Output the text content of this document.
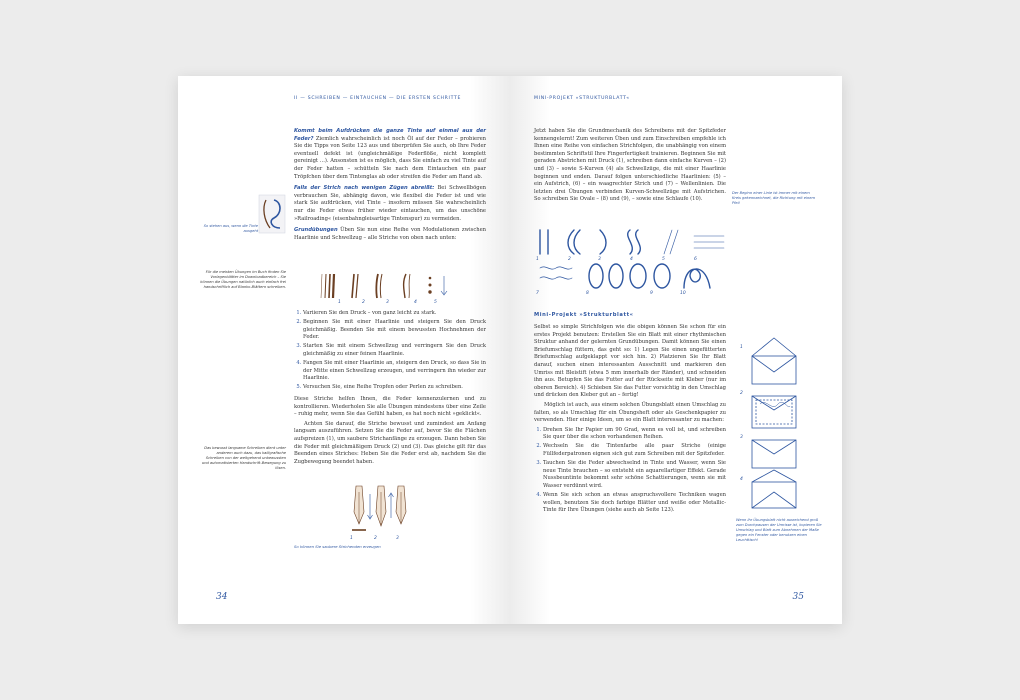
II — SCHREIBEN — EINTAUCHEN — DIE ERSTEN SCHRITTE
So stehen aus, wenn die Tinte ausgeht
Für die meisten Übungen im Buch finden Sie Vorlagenblätter im Downloadbereich – Sie können die Übungen natürlich auch einfach frei handschriftlich auf Blanko-Blättern schreiben.
Das bewusst langsame Schreiben dient unter anderem auch dazu, das kalligrafische Schreiben von der weitgehend unbewussten und automatisierten Handschrift-Bewegung zu lösen.

Kommt beim Aufdrücken die ganze Tinte auf einmal aus der Feder? Ziemlich wahrscheinlich ist noch Öl auf der Feder – probieren Sie die Tipps von Seite 123 aus und überprüfen Sie auch, ob Ihre Feder eventuell defekt ist (ungleichmäßige Federflöße, nicht komplett gereinigt …). Ansonsten ist es möglich, dass Sie einfach zu viel Tinte auf der Feder hatten – schütteln Sie nach dem Eintauchen ein paar Tröpfchen über dem Tintenglas ab oder streifen die Feder am Rand ab.

Falls der Strich nach wenigen Zügen abreißt: Bei Schwellbögen verbrauchen Sie, abhängig davon, wie flexibel die Feder ist und wie stark Sie aufdrücken, viel Tinte – insofern müssen Sie wahrscheinlich nur die Feder etwas früher wieder eintauchen, um das unschöne »Railroading« (eisenbahngleisartige Tintenspur) zu vermeiden.

Grundübungen Üben Sie nun eine Reihe von Modulationen zwischen Haarlinie und Schwellzug – alle Striche von oben nach unten:

1	2	3	4	5
1. Variieren Sie den Druck – von ganz leicht zu stark.
2. Beginnen Sie mit einer Haarlinie und steigern Sie den Druck gleichmäßig. Beenden Sie mit einem bewussten Hochnehmen der Feder.
3. Starten Sie mit einem Schwellzug und verringern Sie den Druck gleichmäßig zu einer feinen Haarlinie.
4. Fangen Sie mit einer Haarlinie an, steigern den Druck, so dass Sie in der Mitte einen Schwellzug erzeugen, und verringern ihn wieder zur Haarlinie.
5. Versuchen Sie, eine Reihe Tropfen oder Perlen zu schreiben.

Diese Striche helfen Ihnen, die Feder kennenzulernen und zu kontrollieren. Wiederholen Sie alle Übungen mindestens über eine Zeile – ruhig mehr, wenn Sie das Gefühl haben, es hat noch nicht »geklickt«.

Achten Sie darauf, die Striche bewusst und zumindest am Anfang langsam auszuführen. Setzen Sie die Feder auf, bevor Sie die Flächen aufspreizen (1), um saubere Strichanfänge zu erzeugen. Dann heben Sie die Feder mit gleichmäßigem Druck (2) und (3). Das gleiche gilt für das Beenden eines Striches: Heben Sie die Feder erst ab, nachdem Sie die Zugbewegung beendet haben.

1	2	3
So können Sie saubere Strichenden erzeugen
34
MINI-PROJEKT »STRUKTURBLATT«

Jetzt haben Sie die Grundmechanik des Schreibens mit der Spitzfeder kennengelernt! Zum weiteren Üben und zum Einschreiben empfehle ich Ihnen eine Reihe von einfachen Strichfolgen, die unabhängig von einem bestimmten Schriftstil Ihre Fingerfertigkeit trainieren. Beginnen Sie mit geraden Abstrichen mit Druck (1), schreiben dann einfache Kurven – (2) und (3) – sowie S-Kurven (4) als Schwellzüge, die mit einer Haarlinie beginnen und enden. Darauf folgen unterschiedliche Haarlinien: (5) – ein Aufstrich, (6) – ein waagrechter Strich und (7) – Wellenlinien. Die letzten drei Übungen verbinden Kurven-Schwellzüge mit Aufstrichen. So schreiben Sie Ovale – (8) und (9), – sowie eine Schlaufe (10).

Der Beginn einer Linie ist immer mit einem Kreis gekennzeichnet, die Richtung mit einem Pfeil
1	2	3	4	5	6
7	8	9	10
Mini-Projekt »Strukturblatt«

Selbst so simple Strichfolgen wie die obigen können Sie schon für ein erstes Projekt benutzen: Erstellen Sie ein Blatt mit einer rhythmischen Struktur anhand der gelernten Grundübungen. Damit können Sie einen Briefumschlag füttern, das geht so: 1) Legen Sie einen ungefütterten Briefumschlag aufgeklappt vor sich hin. 2) Platzieren Sie Ihr Blatt darauf, suchen einen interessanten Ausschnitt und markieren den Umriss mit Bleistift (etwa 5 mm innerhalb der Ränder), und schneiden ihn aus. Betupfen Sie das Futter auf der Rückseite mit Kleber (nur im oberen Bereich). 4) Schieben Sie das Futter vorsichtig in den Umschlag und drücken den Kleber gut an – fertig!

Möglich ist auch, aus einem solchen Übungsblatt einen Umschlag zu falten, so als Umschlag für ein Übungsheft oder als Geschenkpapier zu verwenden. Hier einige Ideen, um so ein Blatt interessanter zu machen:

1. Drehen Sie Ihr Papier um 90 Grad, wenn es voll ist, und schreiben Sie quer über die schon vorhandenen Reihen.
2. Wechseln Sie die Tintenfarbe alle paar Striche (einige Füllfederpatronen eignen sich gut zum Schreiben mit der Spitzfeder.
3. Tauchen Sie die Feder abwechselnd in Tinte und Wasser, wenn Sie neue Tinte brauchen – so entsteht ein aquarellartiger Effekt. Gerade Nussbeuntinte bekommt sehr schöne Schattierungen, wenn sie mit Wasser verdünnt wird.
4. Wenn Sie sich schon an etwas anspruchsvollere Techniken wagen wollen, benutzen Sie doch farbige Blätter und weiße oder Metallic-Tinte für Ihre Übungen (siehe auch ab Seite 123).
1
2
3
4
Wenn Ihr Übungsblatt nicht ausreichend groß zum Durchpausen der Umrisse ist, kopieren Sie Umschlag und Blatt zum Abnehmen der Maße gegen ein Fenster oder benutzen einen Leuchttisch!
35
